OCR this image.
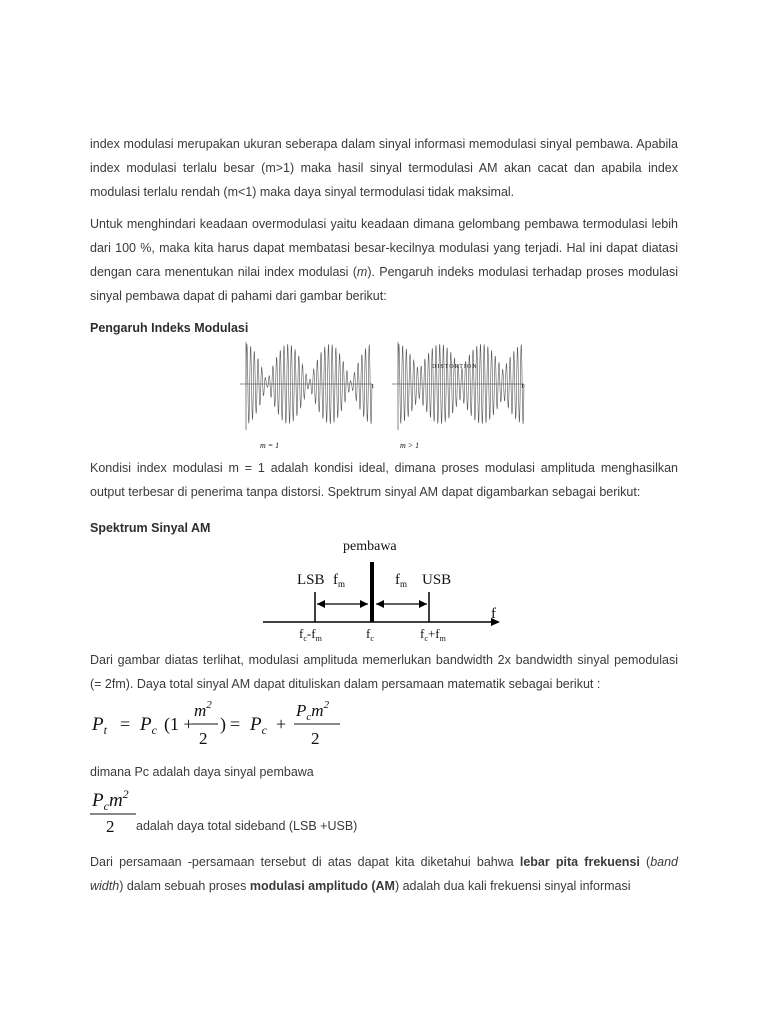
index modulasi merupakan ukuran seberapa dalam sinyal informasi memodulasi sinyal pembawa. Apabila index modulasi terlalu besar (m>1) maka hasil sinyal termodulasi AM akan cacat dan apabila index modulasi terlalu rendah (m<1) maka daya sinyal termodulasi tidak maksimal.

Untuk menghindari keadaan overmodulasi yaitu keadaan dimana gelombang pembawa termodulasi lebih dari 100 %, maka kita harus dapat membatasi besar-kecilnya modulasi yang terjadi. Hal ini dapat diatasi dengan cara menentukan nilai index modulasi (m). Pengaruh indeks modulasi terhadap proses modulasi sinyal pembawa dapat di pahami dari gambar berikut:

Pengaruh Indeks Modulasi

DISTORTION
t	t
m = 1	m > 1

Kondisi index modulasi m = 1 adalah kondisi ideal, dimana proses modulasi amplituda menghasilkan output terbesar di penerima tanpa distorsi. Spektrum sinyal AM dapat digambarkan sebagai berikut:

Spektrum Sinyal AM

pembawa
f
LSB $f_m$	$f_m$ USB
$f_c-f_m$	$f_c$	$f_c+f_m$

Dari gambar diatas terlihat, modulasi amplituda memerlukan bandwidth 2x bandwidth sinyal pemodulasi (= 2fm). Daya total sinyal AM dapat dituliskan dalam persamaan matematik sebagai berikut :

$P_t = P_c$ (1 +
$m^2$
2
) = $P_c$ +
$P_cm^2$
2

dimana Pc adalah daya sinyal pembawa

$P_cm^2$
2 adalah daya total sideband (LSB +USB)

Dari persamaan -persamaan tersebut di atas dapat kita diketahui bahwa lebar pita frekuensi (band width) dalam sebuah proses modulasi amplitudo (AM) adalah dua kali frekuensi sinyal informasi
